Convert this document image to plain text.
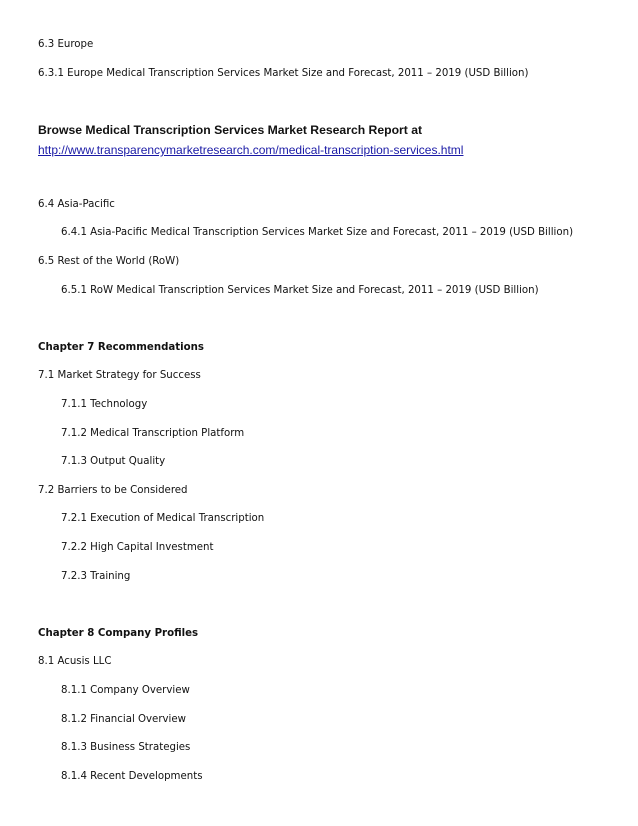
6.3 Europe
6.3.1 Europe Medical Transcription Services Market Size and Forecast, 2011 – 2019 (USD Billion)
Browse Medical Transcription Services Market Research Report at
http://www.transparencymarketresearch.com/medical-transcription-services.html
6.4 Asia-Pacific
6.4.1 Asia-Pacific Medical Transcription Services Market Size and Forecast, 2011 – 2019 (USD Billion)
6.5 Rest of the World (RoW)
6.5.1 RoW Medical Transcription Services Market Size and Forecast, 2011 – 2019 (USD Billion)
Chapter 7 Recommendations
7.1 Market Strategy for Success
7.1.1 Technology
7.1.2 Medical Transcription Platform
7.1.3 Output Quality
7.2 Barriers to be Considered
7.2.1 Execution of Medical Transcription
7.2.2 High Capital Investment
7.2.3 Training
Chapter 8 Company Profiles
8.1 Acusis LLC
8.1.1 Company Overview
8.1.2 Financial Overview
8.1.3 Business Strategies
8.1.4 Recent Developments
